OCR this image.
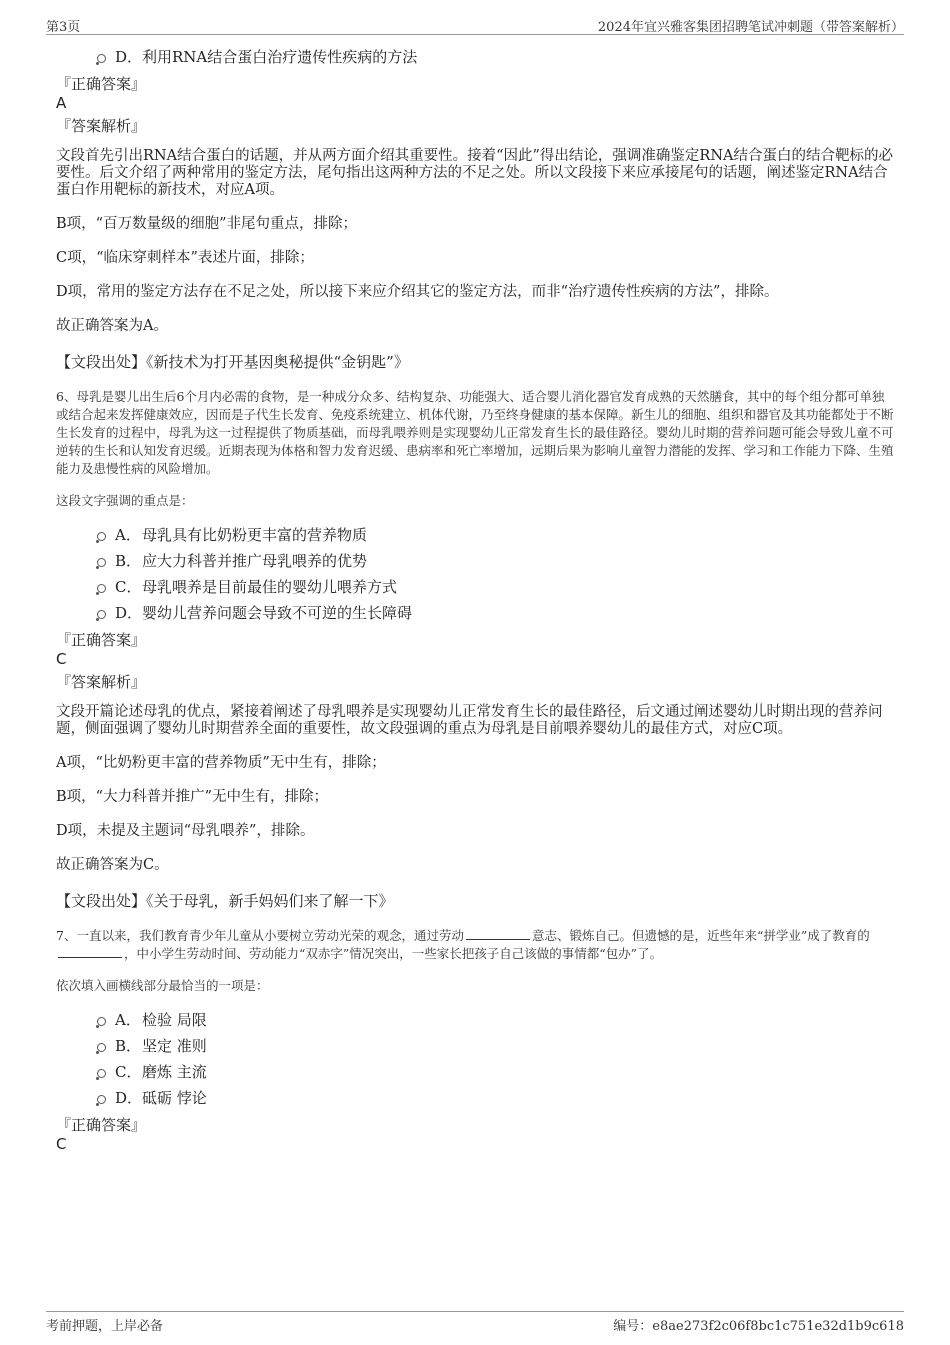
第3页	2024年宜兴雅客集团招聘笔试冲刺题（带答案解析）
D． 利用RNA结合蛋白治疗遗传性疾病的方法
『正确答案』
A
『答案解析』

文段首先引出RNA结合蛋白的话题，并从两方面介绍其重要性。接着“因此”得出结论，强调准确鉴定RNA结合蛋白的结合靶标的必要性。后文介绍了两种常用的鉴定方法，尾句指出这两种方法的不足之处。所以文段接下来应承接尾句的话题，阐述鉴定RNA结合蛋白作用靶标的新技术，对应A项。

B项，“百万数量级的细胞”非尾句重点，排除；

C项，“临床穿刺样本”表述片面，排除；

D项，常用的鉴定方法存在不足之处，所以接下来应介绍其它的鉴定方法，而非“治疗遗传性疾病的方法”，排除。

故正确答案为A。

【文段出处】《新技术为打开基因奥秘提供“金钥匙”》

6、母乳是婴儿出生后6个月内必需的食物，是一种成分众多、结构复杂、功能强大、适合婴儿消化器官发育成熟的天然膳食，其中的每个组分都可单独或结合起来发挥健康效应，因而是子代生长发育、免疫系统建立、机体代谢，乃至终身健康的基本保障。新生儿的细胞、组织和器官及其功能都处于不断生长发育的过程中，母乳为这一过程提供了物质基础，而母乳喂养则是实现婴幼儿正常发育生长的最佳路径。婴幼儿时期的营养问题可能会导致儿童不可逆转的生长和认知发育迟缓。近期表现为体格和智力发育迟缓、患病率和死亡率增加，远期后果为影响儿童智力潜能的发挥、学习和工作能力下降、生殖能力及患慢性病的风险增加。
这段文字强调的重点是：
A． 母乳具有比奶粉更丰富的营养物质
B． 应大力科普并推广母乳喂养的优势
C． 母乳喂养是目前最佳的婴幼儿喂养方式
D． 婴幼儿营养问题会导致不可逆的生长障碍
『正确答案』
C
『答案解析』

文段开篇论述母乳的优点，紧接着阐述了母乳喂养是实现婴幼儿正常发育生长的最佳路径，后文通过阐述婴幼儿时期出现的营养问题，侧面强调了婴幼儿时期营养全面的重要性，故文段强调的重点为母乳是目前喂养婴幼儿的最佳方式，对应C项。

A项，“比奶粉更丰富的营养物质”无中生有，排除；

B项，“大力科普并推广”无中生有，排除；

D项，未提及主题词“母乳喂养”，排除。

故正确答案为C。

【文段出处】《关于母乳，新手妈妈们来了解一下》

7、一直以来，我们教育青少年儿童从小要树立劳动光荣的观念，通过劳动	意志、锻炼自己。但遗憾的是，近些年来“拼学业”成了教育的，中小学生劳动时间、劳动能力“双赤字”情况突出，一些家长把孩子自己该做的事情都“包办”了。
依次填入画横线部分最恰当的一项是：
A． 检验 局限
B． 坚定 准则
C． 磨炼 主流
D． 砥砺 悖论
『正确答案』
C
考前押题，上岸必备	编号：e8ae273f2c06f8bc1c751e32d1b9c618
